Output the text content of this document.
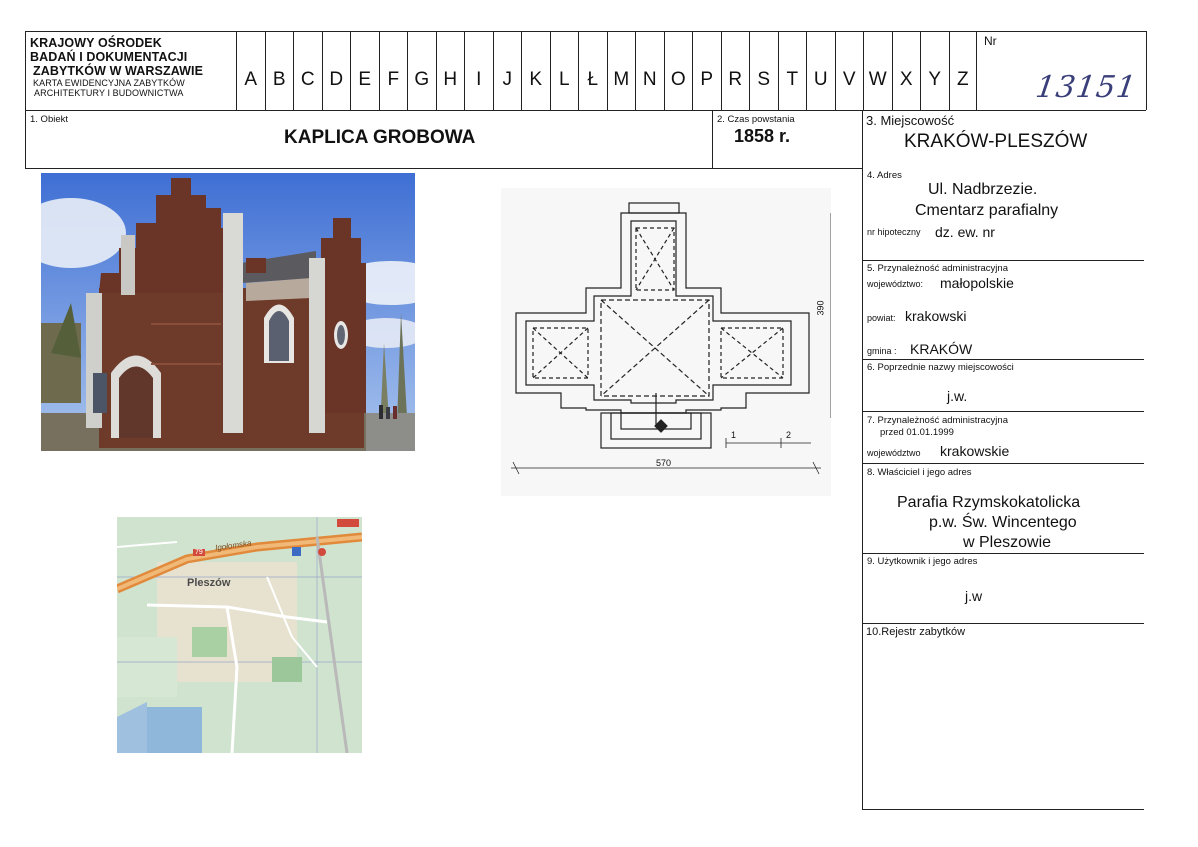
KRAJOWY OŚRODEK
BADAŃ I DOKUMENTACJI
ZABYTKÓW W WARSZAWIE
KARTA EWIDENCYJNA ZABYTKÓW
ARCHITEKTURY I BUDOWNICTWA
A B C D E F G H	I	J K L Ł M N O P R S T U V W X Y Z
Nr
13151
1. Obiekt
KAPLICA GROBOWA
2. Czas powstania
1858 r.
3. Miejscowość
KRAKÓW-PLESZÓW
4. Adres
Ul. Nadbrzezie.
Cmentarz parafialny
nr hipoteczny dz. ew. nr
5. Przynależność administracyjna
województwo: małopolskie
powiat: krakowski
gmina : KRAKÓW
6. Poprzednie nazwy miejscowości
j.w.
7. Przynależność administracyjna
przed 01.01.1999
województwo krakowskie
8. Właściciel i jego adres
Parafia Rzymskokatolicka
p.w. Św. Wincentego
w Pleszowie
9. Użytkownik i jego adres
j.w
10.Rejestr zabytków
570
390
1	2
Pleszów
Igołomska
79
